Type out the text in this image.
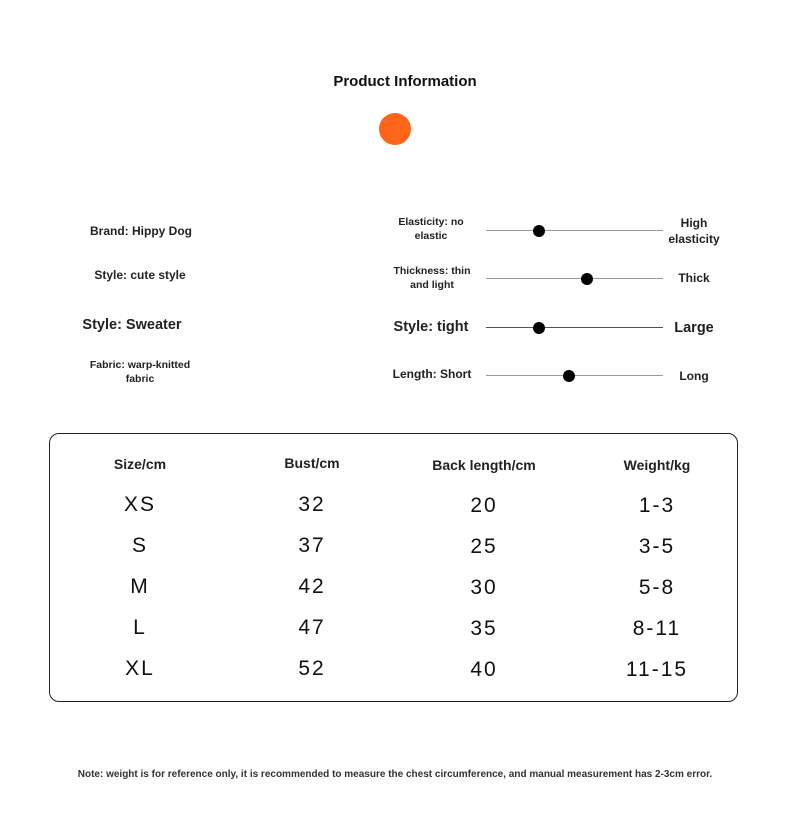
Product Information
Brand: Hippy Dog
Style: cute style
Style: Sweater
Fabric: warp-knitted
fabric
Elasticity: no
elastic
High
elasticity
Thickness: thin
and light	Thick
Style: tight	Large
Length: Short	Long
Size/cm	Bust/cm	Back length/cm	Weight/kg
XS	32	20	1-3
S	37	25	3-5
M	42	30	5-8
L	47	35	8-11
XL	52	40	11-15
Note: weight is for reference only, it is recommended to measure the chest circumference, and manual measurement has 2-3cm error.
